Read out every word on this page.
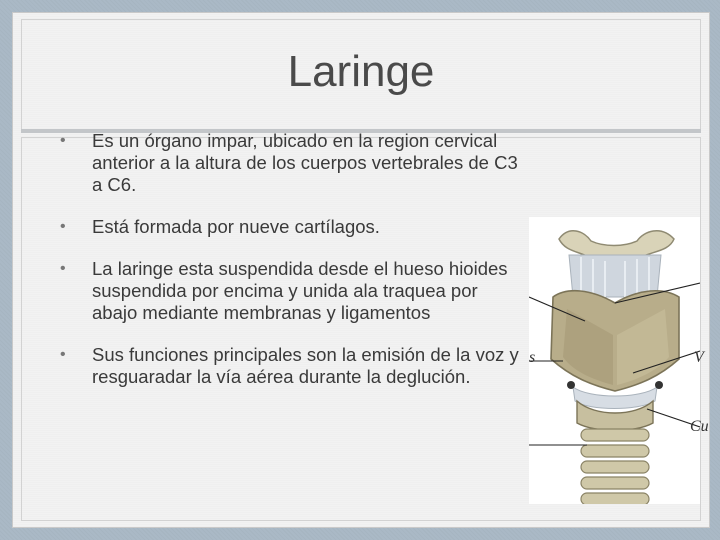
Laringe
• Es un órgano impar, ubicado en la region cervical anterior a la altura de los cuerpos vertebrales de C3 a C6.
• Está formada por nueve cartílagos.
• La laringe esta suspendida desde el hueso hioides suspendida por encima y unida ala traquea por abajo mediante membranas y ligamentos
• Sus funciones principales son la emisión de la voz y resguaradar la vía aérea durante la deglución.
s	V
Cu
